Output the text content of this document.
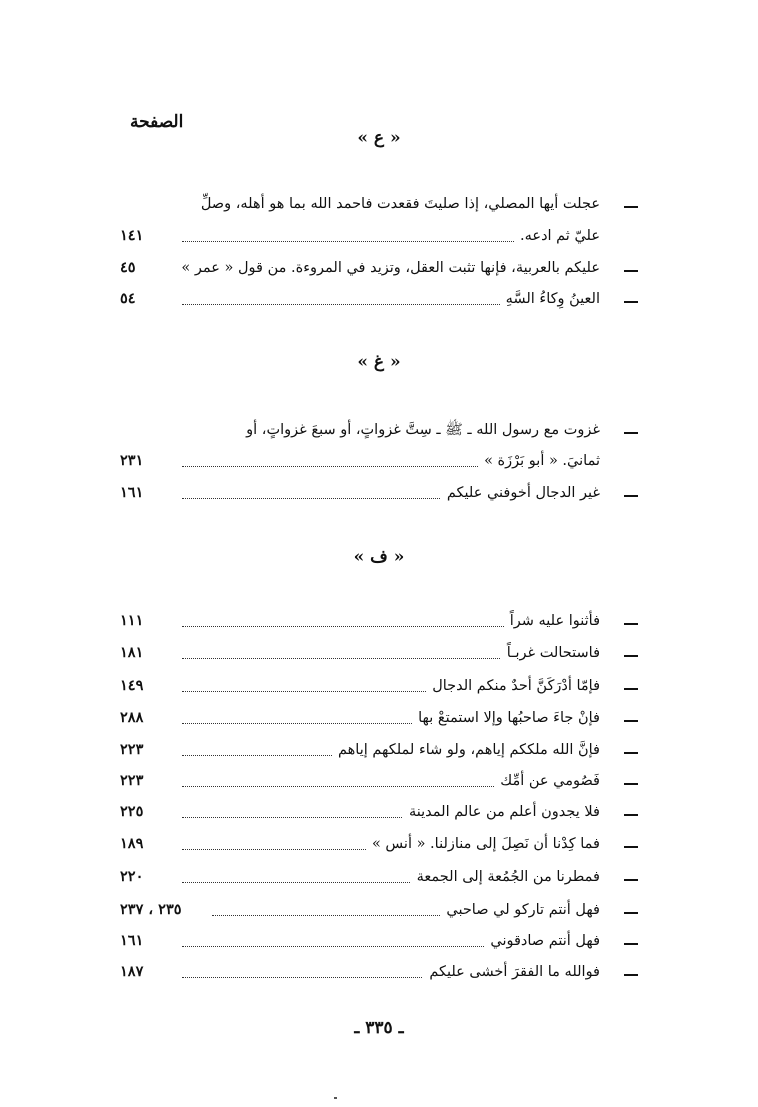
الصفحة
« ع »
عجلت أيها المصلي، إذا صليتَ فقعدت فاحمد الله بما هو أهله، وصلِّ
عليّ ثم ادعه.
١٤١
عليكم بالعربية، فإنها تثبت العقل، وتزيد في المروءة. من قول « عمر »
٤٥
العينُ وِكاءُ السَّهِ
٥٤
« غ »
غزوت مع رسول الله ـ ﷺ ـ سِتَّ غزواتٍ، أو سبعَ غزواتٍ، أو
ثمانيَ. « أبو بَرْزَة »
٢٣١
غير الدجال أخوفني عليكم
١٦١
« ف »
فأثنوا عليه شراً
١١١
فاستحالت غربـاً
١٨١
فإمّا أدْرَكَنَّ أحدٌ منكم الدجال
١٤٩
فإنْ جاءَ صاحبُها وإلا استمتعْ بها
٢٨٨
فإنَّ الله ملككم إياهم، ولو شاء لملكهم إياهم
٢٢٣
فَصُومي عن أمِّك
٢٢٣
فلا يجدون أعلم من عالم المدينة
٢٢٥
فما كِدْنا أن نَصِلَ إلى منازلنا. « أنس »
١٨٩
فمطرنا من الجُمُعة إلى الجمعة
٢٢٠
فهل أنتم تاركو لي صاحبي
٢٣٥ ، ٢٣٧
فهل أنتم صادقوني
١٦١
فوالله ما الفقرَ أخشى عليكم
١٨٧
ـ ٣٣٥ ـ
